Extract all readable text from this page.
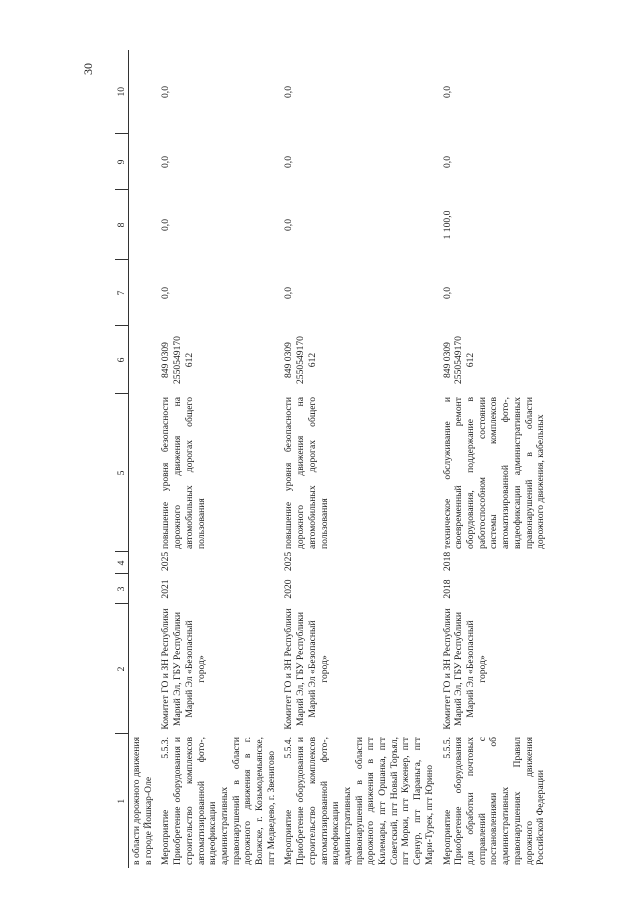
30
1	2	3	4	5	6	7	8	9	10
в области дорожного движения в городе Йошкар-Оле									
Мероприятие 5.5.3. Приобретение оборудования и строительство комплексов автоматизированной фото-, видеофиксации административных правонарушений в области дорожного движения в г. Волжске, г. Козьмодемьянске, пгт Медведево, г. Звенигово	Комитет ГО и ЗН Республики Марий Эл, ГБУ Республики Марий Эл «Безопасный город»	2021	2025	повышение уровня безопасности дорожного движения на автомобильных дорогах общего пользования	849 0309 2550549170 612	0,0	0,0	0,0	0,0
Мероприятие 5.5.4. Приобретение оборудования и строительство комплексов автоматизированной фото-, видеофиксации административных правонарушений в области дорожного движения в пгт Килемары, пгт Оршанка, пгт Советский, пгт Новый Торъял, пгт Морки, пгт Куженер, пгт Сернур, пгт Параньга, пгт Мари-Турек, пгт Юрино	Комитет ГО и ЗН Республики Марий Эл, ГБУ Республики Марий Эл «Безопасный город»	2020	2025	повышение уровня безопасности дорожного движения на автомобильных дорогах общего пользования	849 0309 2550549170 612	0,0	0,0	0,0	0,0
Мероприятие 5.5.5. Приобретение оборудования для обработки почтовых отправлений с постановлениями об административных правонарушениях Правил дорожного движения Российской Федерации	Комитет ГО и ЗН Республики Марий Эл, ГБУ Республики Марий Эл «Безопасный город»	2018	2018	техническое обслуживание и своевременный ремонт оборудования, поддержание в работоспособном состоянии системы комплексов автоматизированной фото-, видеофиксации административных правонарушений в области дорожного движения, кабельных	849 0309 2550549170 612	0,0	1 100,0	0,0	0,0
